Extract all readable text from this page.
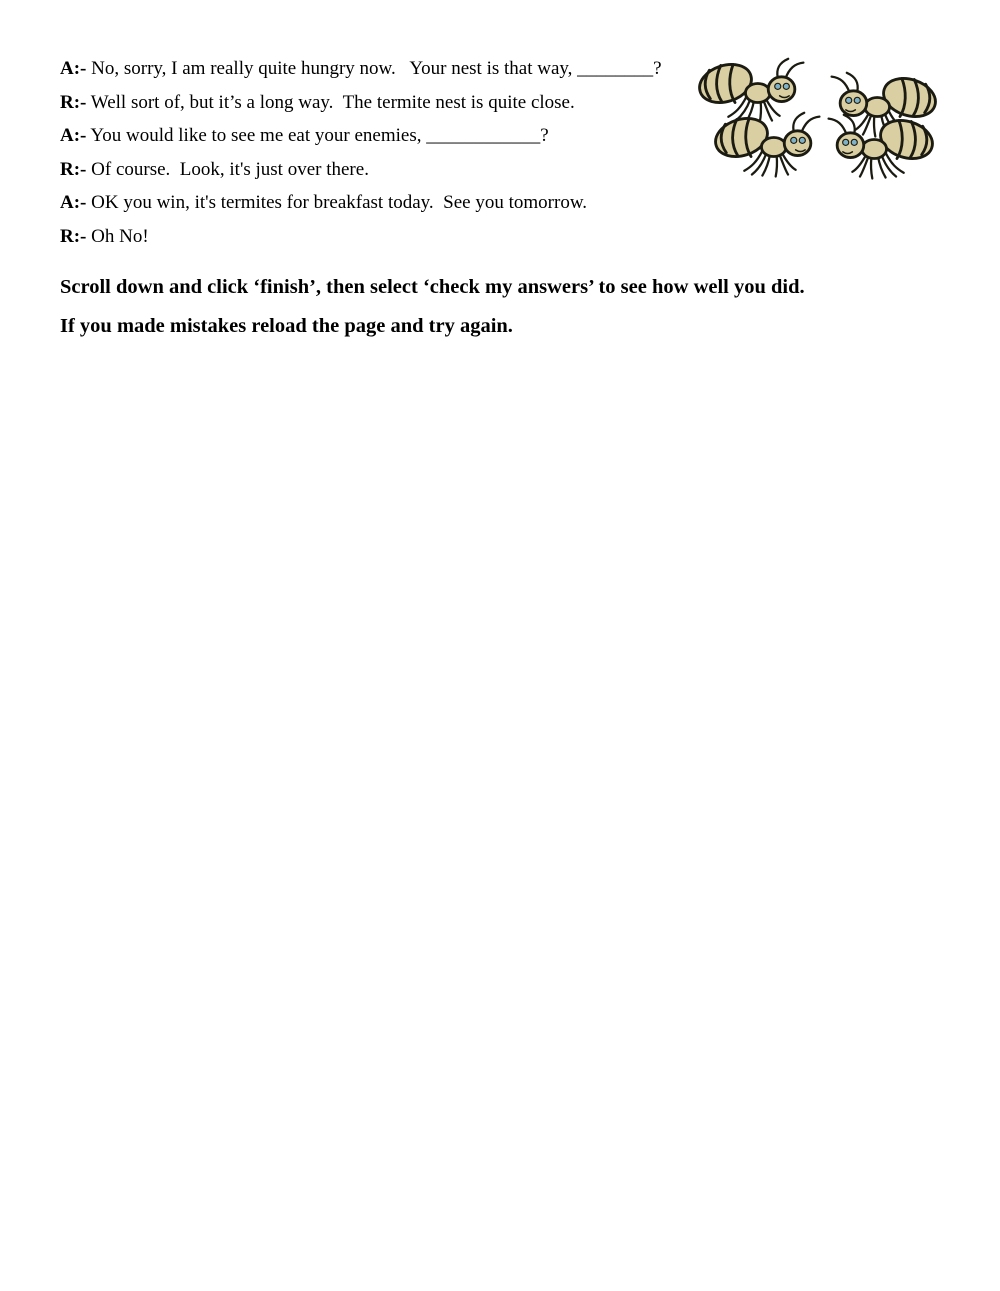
A:- No, sorry, I am really quite hungry now.   Your nest is that way, ________?
R:- Well sort of, but it’s a long way.  The termite nest is quite close.
A:- You would like to see me eat your enemies, ____________?
R:- Of course.  Look, it's just over there.
A:- OK you win, it's termites for breakfast today.  See you tomorrow.
R:- Oh No!

Scroll down and click ‘finish’, then select ‘check my answers’ to see how well you did.

If you made mistakes reload the page and try again.
